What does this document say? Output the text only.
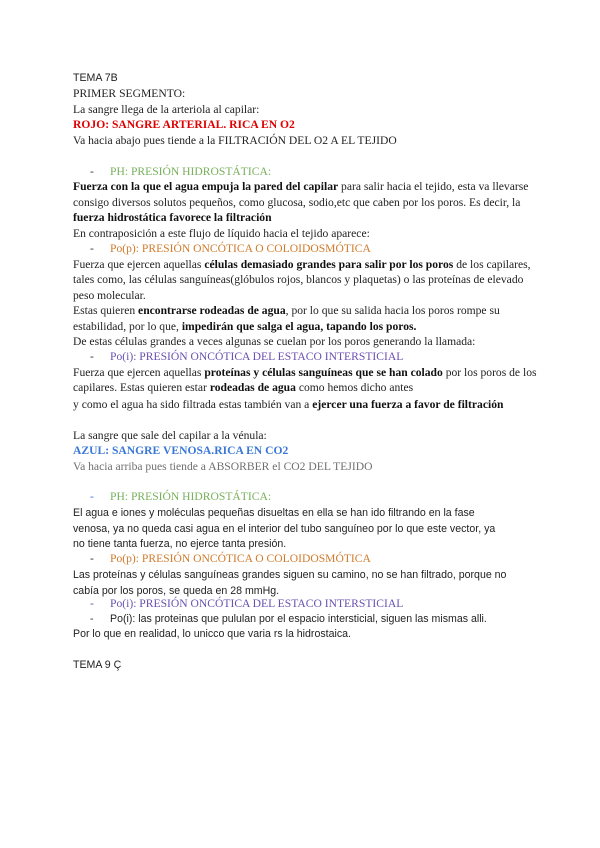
TEMA 7B
PRIMER SEGMENTO:
La sangre llega de la arteriola al capilar:
ROJO: SANGRE ARTERIAL. RICA EN O2
Va hacia abajo pues tiende a la FILTRACIÓN DEL O2 A EL TEJIDO
- PH: PRESIÓN HIDROSTÁTICA:
Fuerza con la que el agua empuja la pared del capilar para salir hacia el tejido, esta va llevarse
consigo diversos solutos pequeños, como glucosa, sodio,etc que caben por los poros. Es decir, la
fuerza hidrostática favorece la filtración
En contraposición a este flujo de líquido hacia el tejido aparece:
- Po(p): PRESIÓN ONCÓTICA O COLOIDOSMÓTICA
Fuerza que ejercen aquellas células demasiado grandes para salir por los poros de los capilares,
tales como, las células sanguíneas(glóbulos rojos, blancos y plaquetas) o las proteínas de elevado
peso molecular.
Estas quieren encontrarse rodeadas de agua, por lo que su salida hacia los poros rompe su
estabilidad, por lo que, impedirán que salga el agua, tapando los poros.
De estas células grandes a veces algunas se cuelan por los poros generando la llamada:
- Po(i): PRESIÓN ONCÓTICA DEL ESTACO INTERSTICIAL
Fuerza que ejercen aquellas proteínas y células sanguíneas que se han colado por los poros de los
capilares. Estas quieren estar rodeadas de agua como hemos dicho antes
y como el agua ha sido filtrada estas también van a ejercer una fuerza a favor de filtración
La sangre que sale del capilar a la vénula:
AZUL: SANGRE VENOSA.RICA EN CO2
Va hacia arriba pues tiende a ABSORBER el CO2 DEL TEJIDO
- PH: PRESIÓN HIDROSTÁTICA:
El agua e iones y moléculas pequeñas disueltas en ella se han ido filtrando en la fase
venosa, ya no queda casi agua en el interior del tubo sanguíneo por lo que este vector, ya
no tiene tanta fuerza, no ejerce tanta presión.
- Po(p): PRESIÓN ONCÓTICA O COLOIDOSMÓTICA
Las proteínas y células sanguíneas grandes siguen su camino, no se han filtrado, porque no
cabía por los poros, se queda en 28 mmHg.
- Po(i): PRESIÓN ONCÓTICA DEL ESTACO INTERSTICIAL
- Po(i): las proteinas que pululan por el espacio intersticial, siguen las mismas alli.
Por lo que en realidad, lo unicco que varia rs la hidrostaica.
TEMA 9 Ç
